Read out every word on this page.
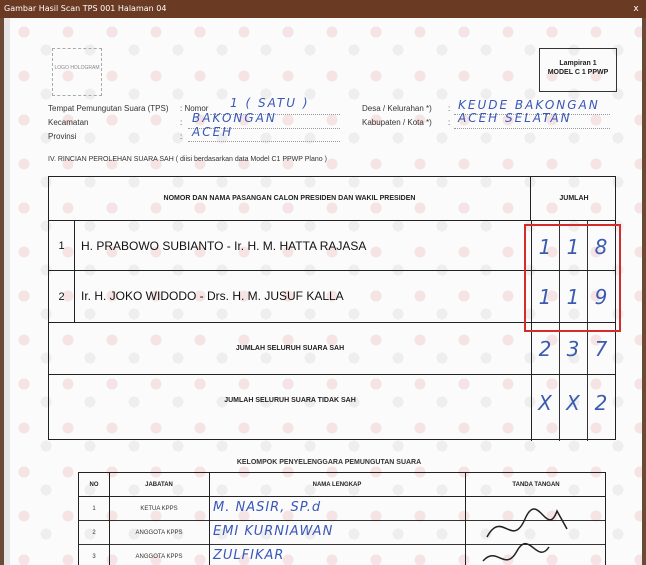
Gambar Hasil Scan TPS 001 Halaman 04	x
LOGO HOLOGRAM
Lampiran 1
MODEL C 1 PPWP
Tempat Pemungutan Suara (TPS) : Nomor 1 ( SATU )	Desa / Kelurahan *) : KEUDE BAKONGAN
Kecamatan	: BAKONGAN	Kabupaten / Kota *) : ACEH SELATAN
Provinsi	: ACEH
IV. RINCIAN PEROLEHAN SUARA SAH ( diisi berdasarkan data Model C1 PPWP Plano )
NOMOR DAN NAMA PASANGAN CALON PRESIDEN DAN WAKIL PRESIDEN	JUMLAH
1	H. PRABOWO SUBIANTO - Ir. H. M. HATTA RAJASA	1 1 8
2	Ir. H. JOKO WIDODO - Drs. H. M. JUSUF KALLA	1 1 9
JUMLAH SELURUH SUARA SAH	2 3 7
JUMLAH SELURUH SUARA TIDAK SAH	X X 2
KELOMPOK PENYELENGGARA PEMUNGUTAN SUARA
NO	JABATAN	NAMA LENGKAP	TANDA TANGAN
1	KETUA KPPS	M. NASIR, SP.d
2	ANGGOTA KPPS	EMI KURNIAWAN
3	ANGGOTA KPPS	ZULFIKAR
